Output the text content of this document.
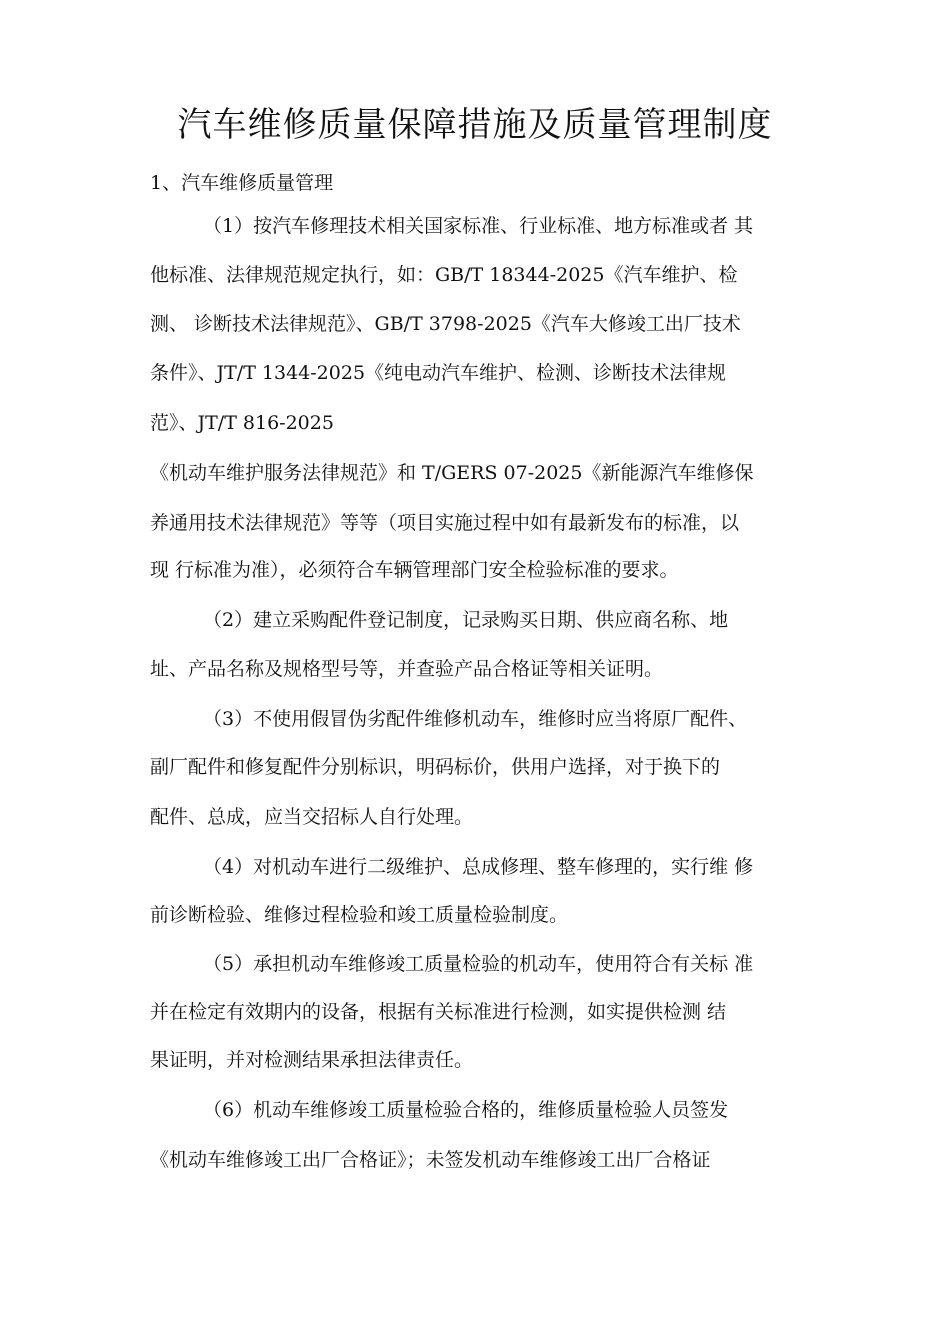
汽车维修质量保障措施及质量管理制度
1、汽车维修质量管理

（1）按汽车修理技术相关国家标准、行业标准、地方标准或者 其

他标准、法律规范规定执行，如：GB/T 18344-2025《汽车维护、检

测、 诊断技术法律规范》、GB/T 3798-2025《汽车大修竣工出厂技术

条件》、JT/T 1344-2025《纯电动汽车维护、检测、诊断技术法律规

范》、JT/T 816-2025

《机动车维护服务法律规范》和 T/GERS 07-2025《新能源汽车维修保

养通用技术法律规范》等等（项目实施过程中如有最新发布的标准，以

现 行标准为准），必须符合车辆管理部门安全检验标准的要求。

（2）建立采购配件登记制度，记录购买日期、供应商名称、地

址、产品名称及规格型号等，并查验产品合格证等相关证明。

（3）不使用假冒伪劣配件维修机动车，维修时应当将原厂配件、

副厂配件和修复配件分别标识，明码标价，供用户选择，对于换下的

配件、总成，应当交招标人自行处理。

（4）对机动车进行二级维护、总成修理、整车修理的，实行维 修

前诊断检验、维修过程检验和竣工质量检验制度。

（5）承担机动车维修竣工质量检验的机动车，使用符合有关标 准

并在检定有效期内的设备，根据有关标准进行检测，如实提供检测 结

果证明，并对检测结果承担法律责任。

（6）机动车维修竣工质量检验合格的，维修质量检验人员签发

《机动车维修竣工出厂合格证》；未签发机动车维修竣工出厂合格证
